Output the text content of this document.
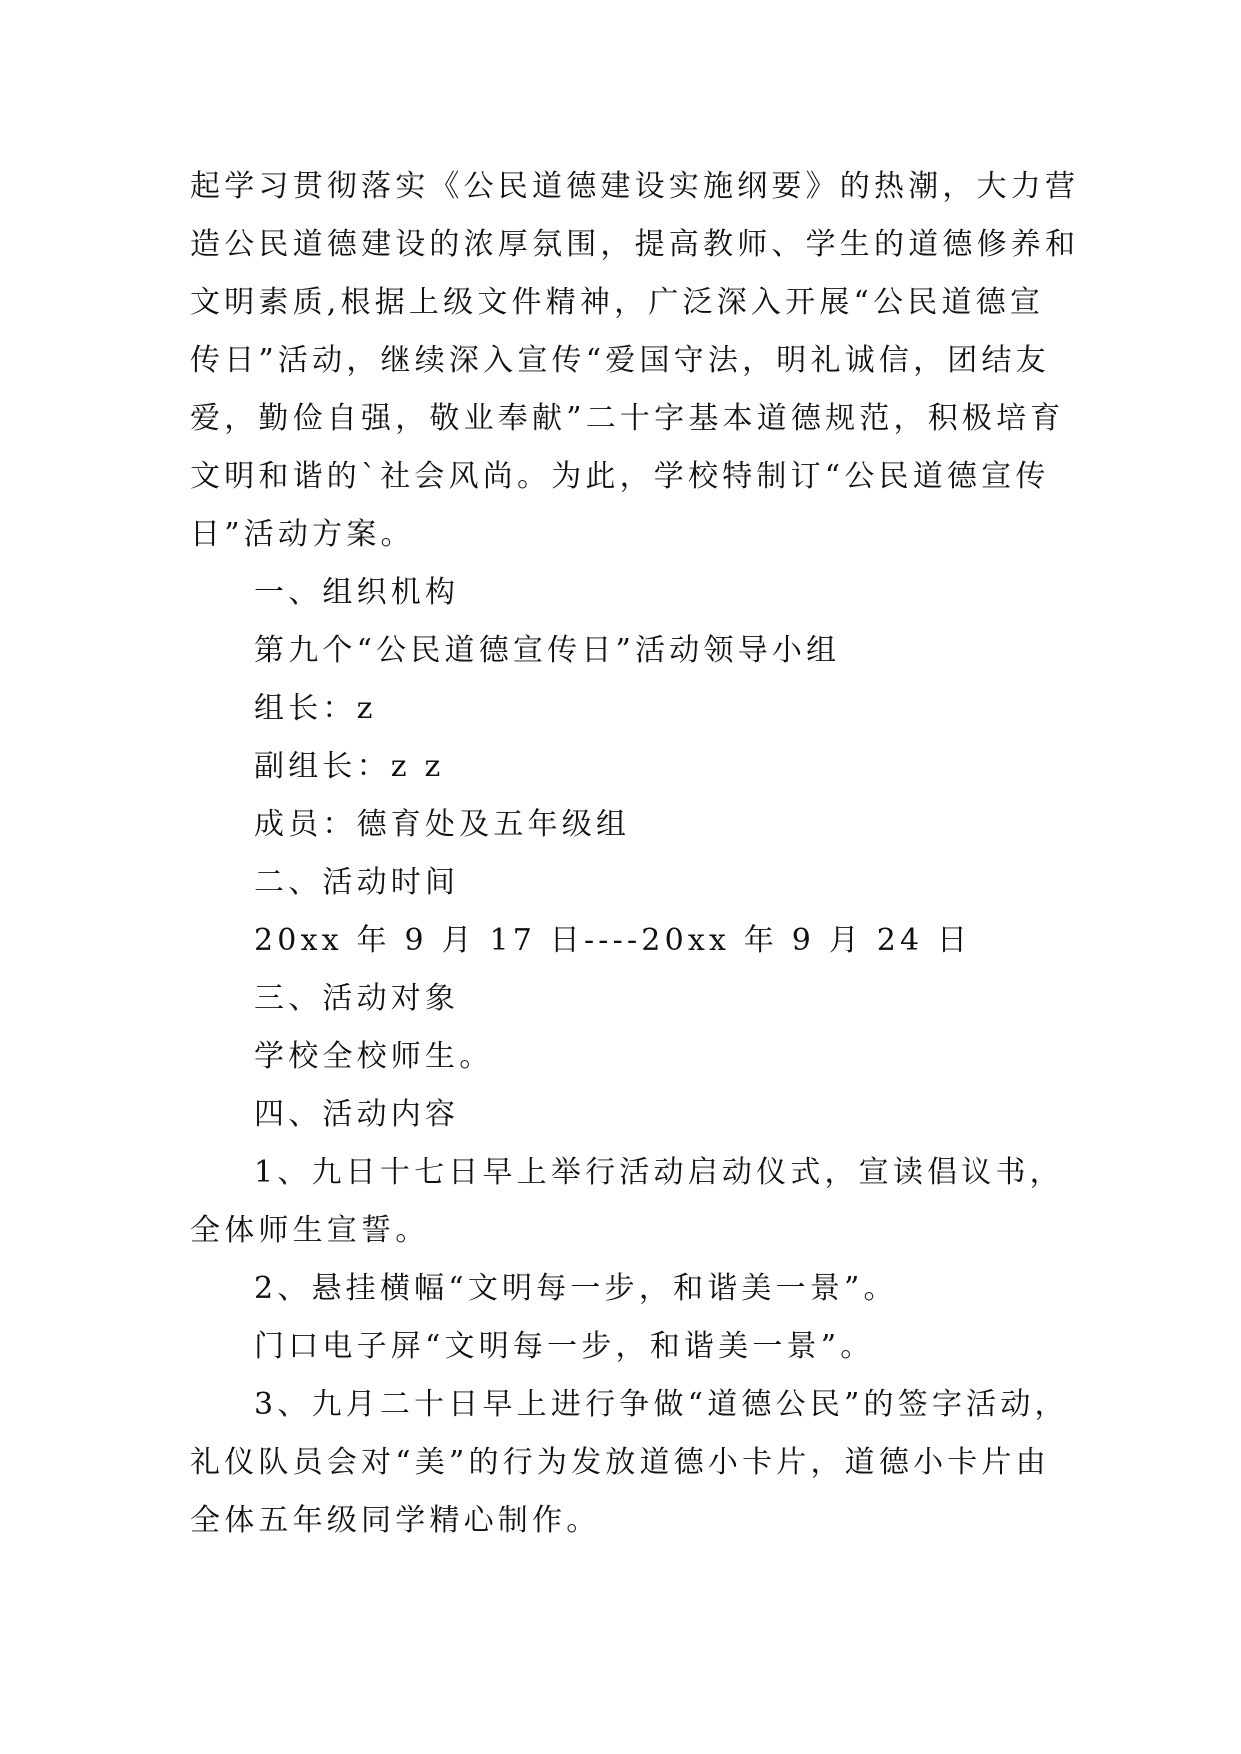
起学习贯彻落实《公民道德建设实施纲要》的热潮，大力营
造公民道德建设的浓厚氛围，提高教师、学生的道德修养和
文明素质,根据上级文件精神，广泛深入开展“公民道德宣
传日”活动，继续深入宣传“爱国守法，明礼诚信，团结友
爱，勤俭自强，敬业奉献”二十字基本道德规范，积极培育
文明和谐的`社会风尚。为此，学校特制订“公民道德宣传
日”活动方案。
一、组织机构
第九个“公民道德宣传日”活动领导小组
组长：z
副组长：z z
成员：德育处及五年级组
二、活动时间
20xx 年 9 月 17 日----20xx 年 9 月 24 日
三、活动对象
学校全校师生。
四、活动内容
1、九日十七日早上举行活动启动仪式，宣读倡议书，
全体师生宣誓。
2、悬挂横幅“文明每一步，和谐美一景”。
门口电子屏“文明每一步，和谐美一景”。
3、九月二十日早上进行争做“道德公民”的签字活动，
礼仪队员会对“美”的行为发放道德小卡片，道德小卡片由
全体五年级同学精心制作。
